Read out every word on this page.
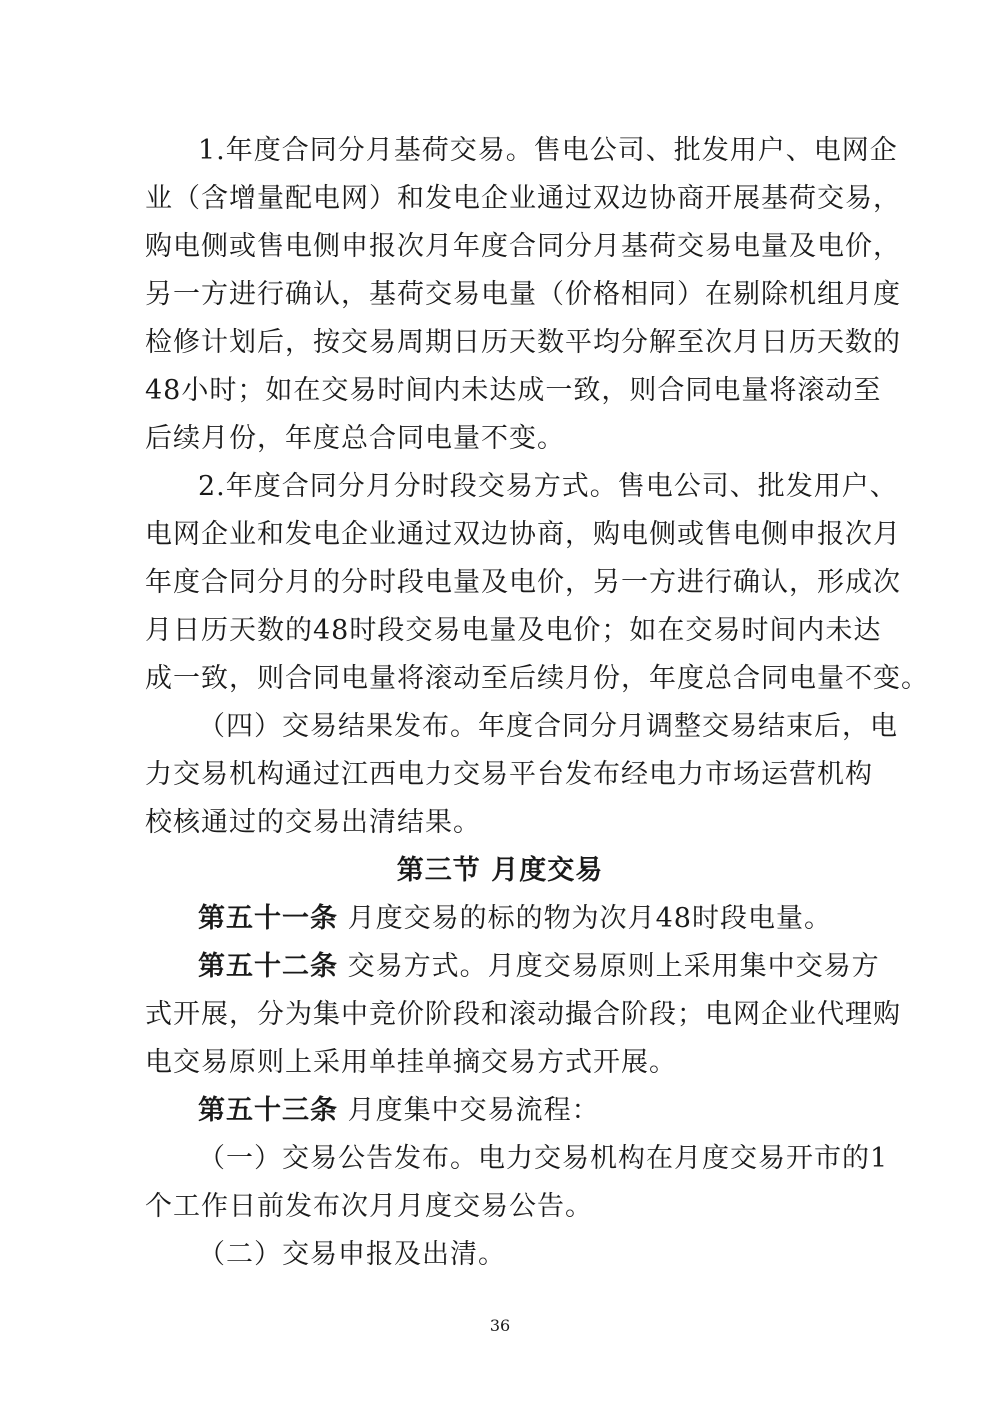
1.年度合同分月基荷交易。售电公司、批发用户、电网企
业（含增量配电网）和发电企业通过双边协商开展基荷交易，
购电侧或售电侧申报次月年度合同分月基荷交易电量及电价，
另一方进行确认，基荷交易电量（价格相同）在剔除机组月度
检修计划后，按交易周期日历天数平均分解至次月日历天数的
48小时；如在交易时间内未达成一致，则合同电量将滚动至
后续月份，年度总合同电量不变。
2.年度合同分月分时段交易方式。售电公司、批发用户、
电网企业和发电企业通过双边协商，购电侧或售电侧申报次月
年度合同分月的分时段电量及电价，另一方进行确认，形成次
月日历天数的48时段交易电量及电价；如在交易时间内未达
成一致，则合同电量将滚动至后续月份，年度总合同电量不变。
（四）交易结果发布。年度合同分月调整交易结束后，电
力交易机构通过江西电力交易平台发布经电力市场运营机构
校核通过的交易出清结果。
第三节 月度交易
第五十一条 月度交易的标的物为次月48时段电量。
第五十二条 交易方式。月度交易原则上采用集中交易方
式开展，分为集中竞价阶段和滚动撮合阶段；电网企业代理购
电交易原则上采用单挂单摘交易方式开展。
第五十三条 月度集中交易流程：
（一）交易公告发布。电力交易机构在月度交易开市的1
个工作日前发布次月月度交易公告。
（二）交易申报及出清。
36
